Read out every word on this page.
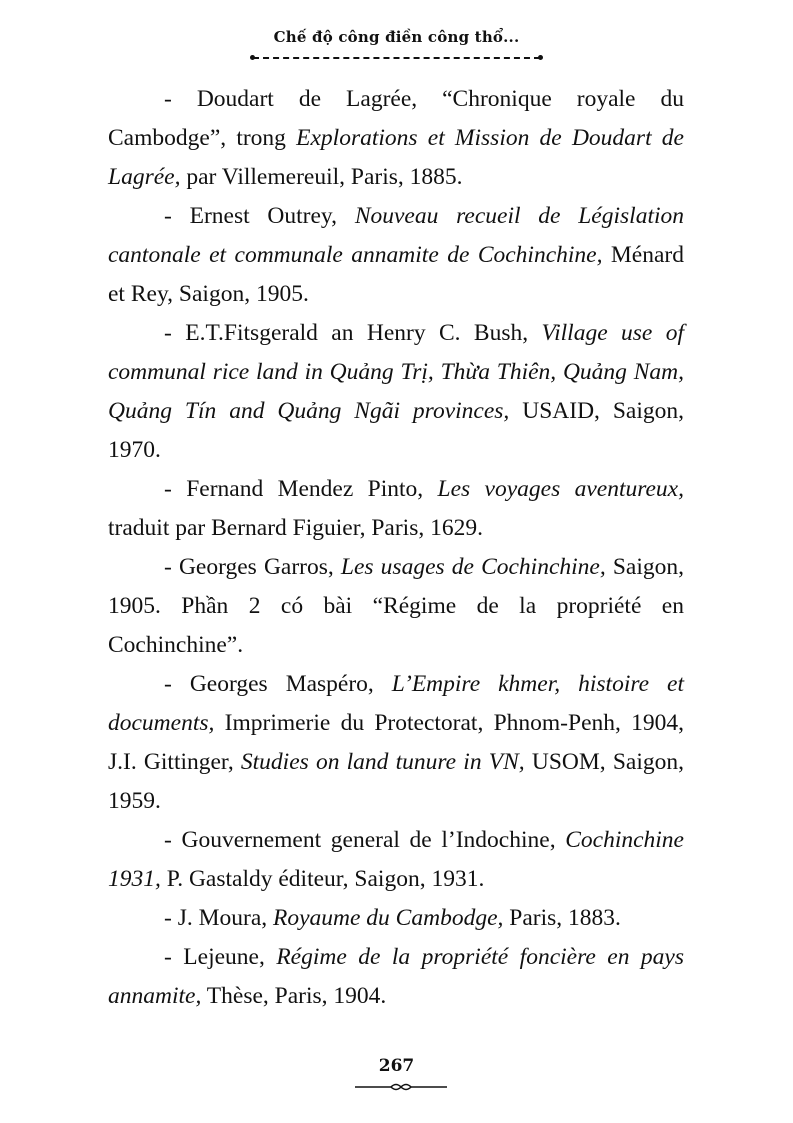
Chế độ công điền công thổ...

- Doudart de Lagrée, “Chronique royale du Cambodge”, trong Explorations et Mission de Doudart de Lagrée, par Villemereuil, Paris, 1885.

- Ernest Outrey, Nouveau recueil de Législation cantonale et communale annamite de Cochinchine, Ménard et Rey, Saigon, 1905.

- E.T.Fitsgerald an Henry C. Bush, Village use of communal rice land in Quảng Trị, Thừa Thiên, Quảng Nam, Quảng Tín and Quảng Ngãi provinces, USAID, Saigon, 1970.

- Fernand Mendez Pinto, Les voyages aventureux, traduit par Bernard Figuier, Paris, 1629.

- Georges Garros, Les usages de Cochinchine, Saigon, 1905. Phần 2 có bài “Régime de la propriété en Cochinchine”.

- Georges Maspéro, L’Empire khmer, histoire et documents, Imprimerie du Protectorat, Phnom-Penh, 1904, J.I. Gittinger, Studies on land tunure in VN, USOM, Saigon, 1959.

- Gouvernement general de l’Indochine, Cochinchine 1931, P. Gastaldy éditeur, Saigon, 1931.

- J. Moura, Royaume du Cambodge, Paris, 1883.

- Lejeune, Régime de la propriété foncière en pays annamite, Thèse, Paris, 1904.

267
